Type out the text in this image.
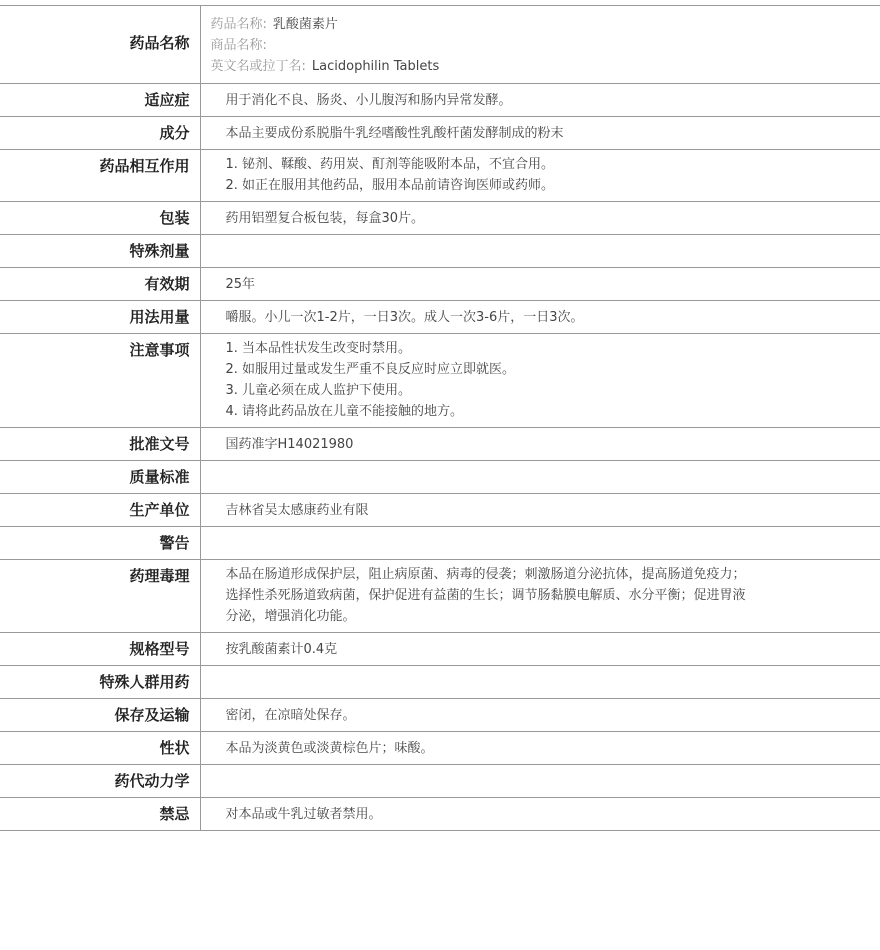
药品名称	药品名称: 乳酸菌素片
商品名称:
英文名或拉丁名: Lacidophilin Tablets

适应症	用于消化不良、肠炎、小儿腹泻和肠内异常发酵。

成分	本品主要成份系脱脂牛乳经嗜酸性乳酸杆菌发酵制成的粉末

药品相互作用	1. 铋剂、鞣酸、药用炭、酊剂等能吸附本品，不宜合用。
2. 如正在服用其他药品，服用本品前请咨询医师或药师。

包装	药用铝塑复合板包装，每盒30片。

特殊剂量	

有效期	25年

用法用量	嚼服。小儿一次1-2片，一日3次。成人一次3-6片，一日3次。

注意事项	1. 当本品性状发生改变时禁用。
2. 如服用过量或发生严重不良反应时应立即就医。
3. 儿童必须在成人监护下使用。
4. 请将此药品放在儿童不能接触的地方。

批准文号	国药准字H14021980

质量标准	

生产单位	吉林省吴太感康药业有限

警告	

药理毒理	本品在肠道形成保护层，阻止病原菌、病毒的侵袭；刺激肠道分泌抗体，提高肠道免疫力；
选择性杀死肠道致病菌，保护促进有益菌的生长；调节肠黏膜电解质、水分平衡；促进胃液
分泌，增强消化功能。

规格型号	按乳酸菌素计0.4克

特殊人群用药	

保存及运输	密闭，在凉暗处保存。

性状	本品为淡黄色或淡黄棕色片；味酸。

药代动力学	

禁忌	对本品或牛乳过敏者禁用。
